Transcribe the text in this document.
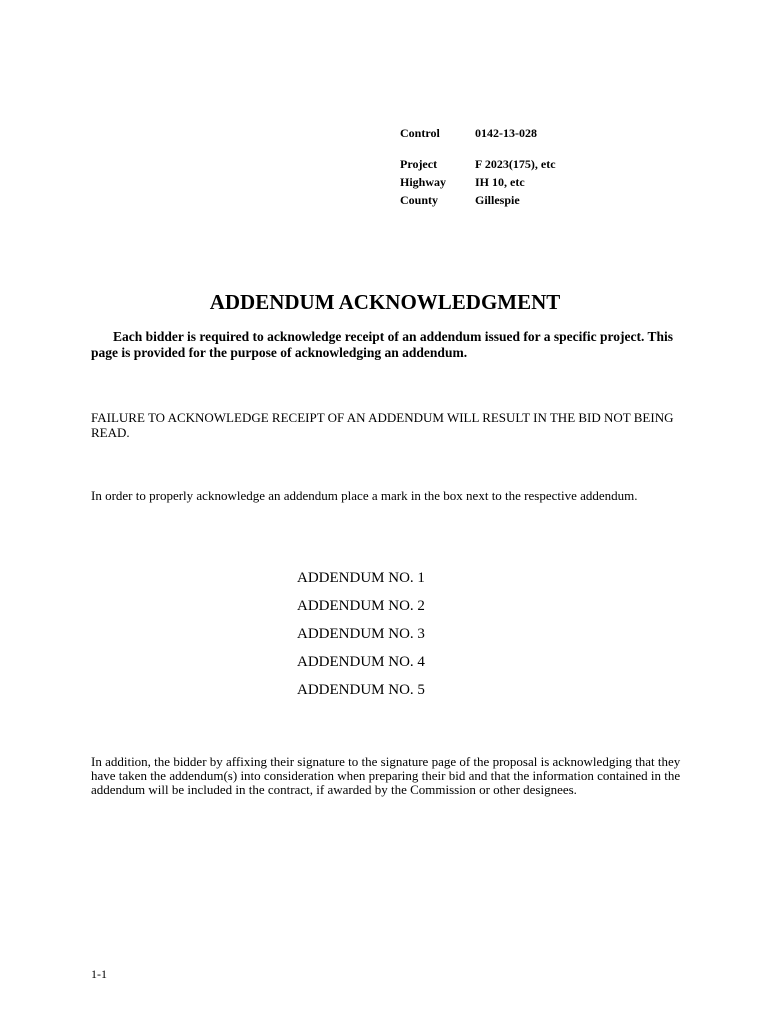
Control	0142-13-028
Project	F 2023(175), etc
Highway	IH 10, etc
County	Gillespie
ADDENDUM ACKNOWLEDGMENT

Each bidder is required to acknowledge receipt of an addendum issued for a specific project. This page is provided for the purpose of acknowledging an addendum.

FAILURE TO ACKNOWLEDGE RECEIPT OF AN ADDENDUM WILL RESULT IN THE BID NOT BEING READ.

In order to properly acknowledge an addendum place a mark in the box next to the respective addendum.

ADDENDUM NO. 1
ADDENDUM NO. 2
ADDENDUM NO. 3
ADDENDUM NO. 4
ADDENDUM NO. 5

In addition, the bidder by affixing their signature to the signature page of the proposal is acknowledging that they have taken the addendum(s) into consideration when preparing their bid and that the information contained in the addendum will be included in the contract, if awarded by the Commission or other designees.

1-1
